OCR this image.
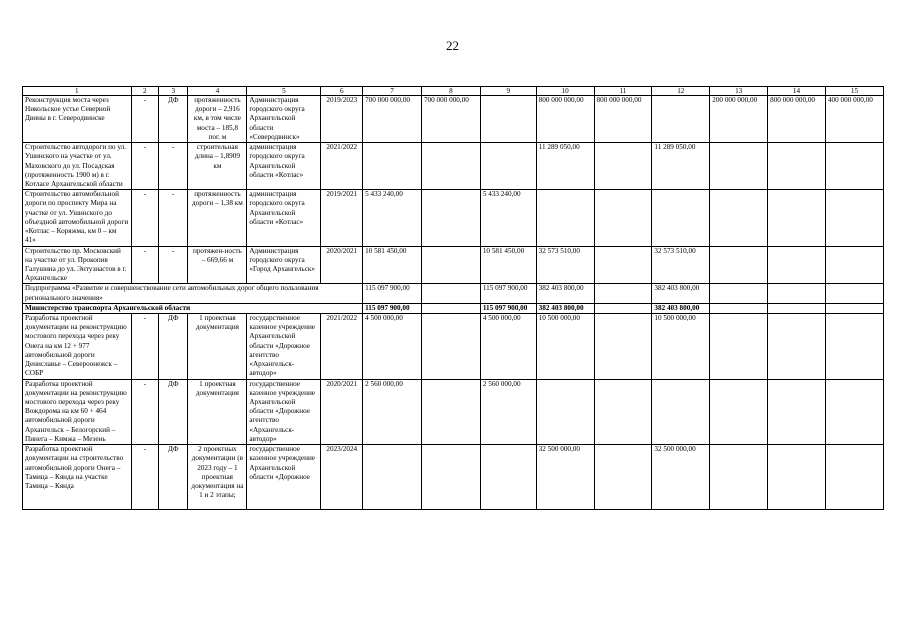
22
1	2	3	4	5	6	7	8	9	10	11	12	13	14	15
Реконструкция моста через Никольское устье Северной Двины в г. Северодвинске	-	ДФ	протяженность дороги – 2,916 км, в том числе моста – 185,8 пог. м	Администрация городского округа Архангельской области «Северодвинск»	2019/2023	700 000 000,00	700 000 000,00		800 000 000,00	800 000 000,00		200 000 000,00	800 000 000,00	400 000 000,00
Строительство автодороги по ул. Ушинского на участке от ул. Маховского до ул. Посадская (протяженность 1900 м) в г. Котласе Архангельской области	-	-	строительная длина – 1,8909 км	администрация городского округа Архангельской области «Котлас»	2021/2022				11 289 050,00		11 289 050,00			
Строительство автомобильной дороги по проспекту Мира на участке от ул. Ушинского до объездной автомобильной дороги «Котлас – Коряжма, км 0 – км 41»	-	-	протяженность дороги – 1,38 км	администрация городского округа Архангельской области «Котлас»	2019/2021	5 433 240,00		5 433 240,00						
Строительство пр. Московский на участке от ул. Прокопия Галушина до ул. Энтузиастов в г. Архангельске	-	-	протяжен-ность – 669,66 м	Администрация городского округа «Город Архангельск»	2020/2021	10 581 450,00		10 581 450,00	32 573 510,00		32 573 510,00			
Подпрограмма «Развитие и совершенствование сети автомобильных дорог общего пользования регионального значения»						115 097 900,00		115 097 900,00	382 403 800,00		382 403 800,00			
Министерство транспорта Архангельской области						115 097 900,00		115 097 900,00	382 403 800,00		382 403 800,00			
Разработка проектной документации на реконструкцию мостового перехода через реку Онега на км 12 + 977 автомобильной дороги Дениславье – Североонежск – СОБР	-	ДФ	1 проектная документация	государственное казенное учреждение Архангельской области «Дорожное агентство «Архангельск-автодор»	2021/2022	4 500 000,00		4 500 000,00	10 500 000,00		10 500 000,00			
Разработка проектной документации на реконструкцию мостового перехода через реку Вождорома на км 60 + 464 автомобильной дороги Архангельск – Белогорский – Пинега – Кимжа – Мезень	-	ДФ	1 проектная документация	государственное казенное учреждение Архангельской области «Дорожное агентство «Архангельск-автодор»	2020/2021	2 560 000,00		2 560 000,00						
Разработка проектной документации на строительство автомобильной дороги Онега – Тамица – Кянда на участке Тамица – Кянда	-	ДФ	2 проектных документации (в 2023 году – 1 проектная документация на 1 и 2 этапы;	государственное казенное учреждение Архангельской области «Дорожное	2023/2024				32 500 000,00		32 500 000,00			
